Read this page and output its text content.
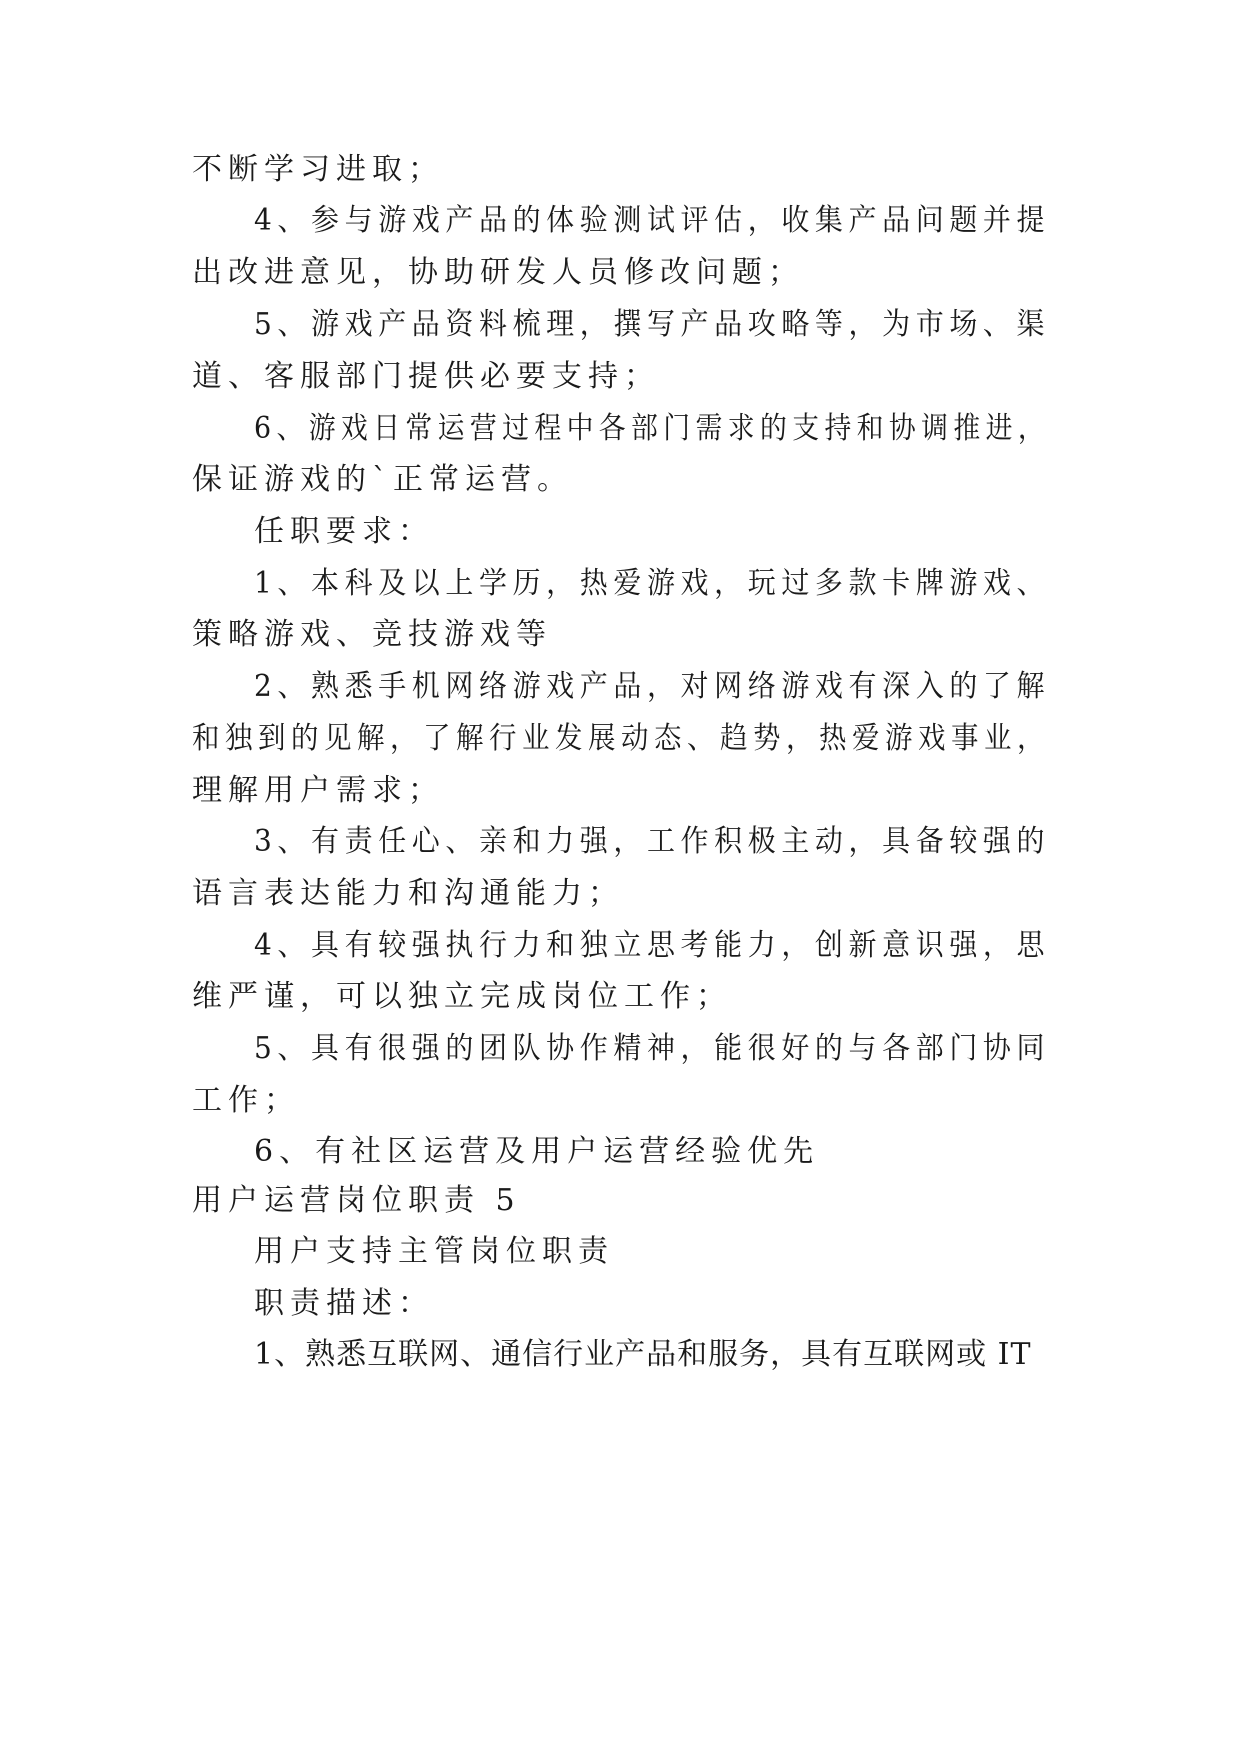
不断学习进取；
4、参与游戏产品的体验测试评估，收集产品问题并提
出改进意见，协助研发人员修改问题；
5、游戏产品资料梳理，撰写产品攻略等，为市场、渠
道、客服部门提供必要支持；
6、游戏日常运营过程中各部门需求的支持和协调推进，
保证游戏的`正常运营。
任职要求：
1、本科及以上学历，热爱游戏，玩过多款卡牌游戏、
策略游戏、竞技游戏等
2、熟悉手机网络游戏产品，对网络游戏有深入的了解
和独到的见解，了解行业发展动态、趋势，热爱游戏事业，
理解用户需求；
3、有责任心、亲和力强，工作积极主动，具备较强的
语言表达能力和沟通能力；
4、具有较强执行力和独立思考能力，创新意识强，思
维严谨，可以独立完成岗位工作；
5、具有很强的团队协作精神，能很好的与各部门协同
工作；
6、有社区运营及用户运营经验优先
用户运营岗位职责 5
用户支持主管岗位职责
职责描述：
1、熟悉互联网、通信行业产品和服务，具有互联网或 IT
